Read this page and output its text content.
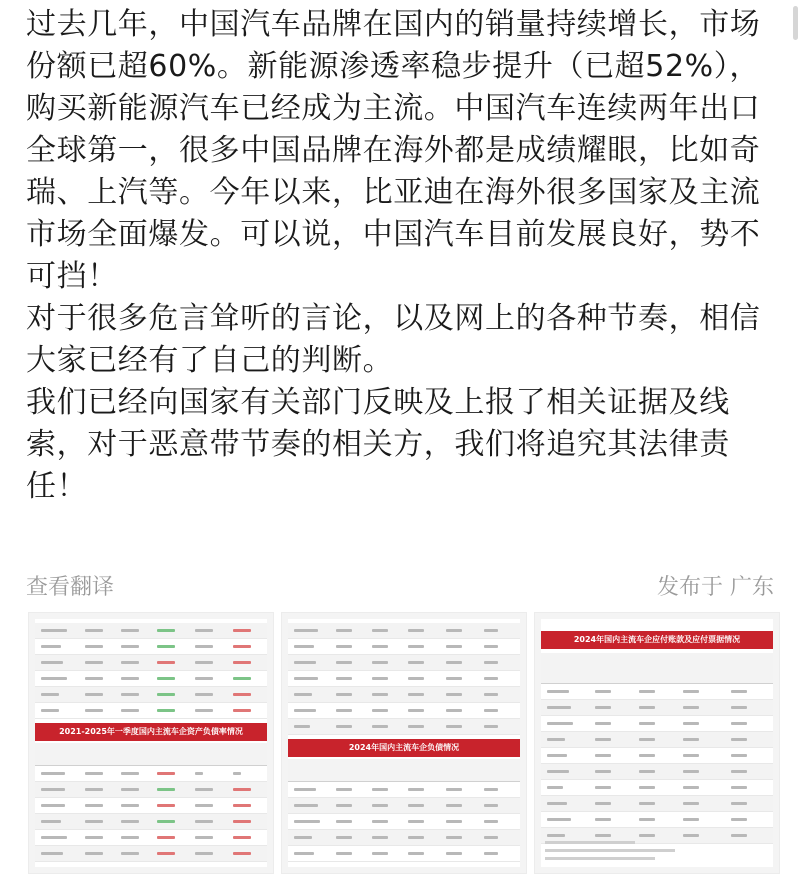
过去几年，中国汽车品牌在国内的销量持续增长，市场份额已超60%。新能源渗透率稳步提升（已超52%），购买新能源汽车已经成为主流。中国汽车连续两年出口全球第一，很多中国品牌在海外都是成绩耀眼，比如奇瑞、上汽等。今年以来，比亚迪在海外很多国家及主流市场全面爆发。可以说，中国汽车目前发展良好，势不可挡！

对于很多危言耸听的言论，以及网上的各种节奏，相信大家已经有了自己的判断。

我们已经向国家有关部门反映及上报了相关证据及线索，对于恶意带节奏的相关方，我们将追究其法律责任！

查看翻译	发布于 广东
2021-2025年一季度国内主流车企资产负债率情况
2024年国内主流车企负债情况
2024年国内主流车企应付账款及应付票据情况
